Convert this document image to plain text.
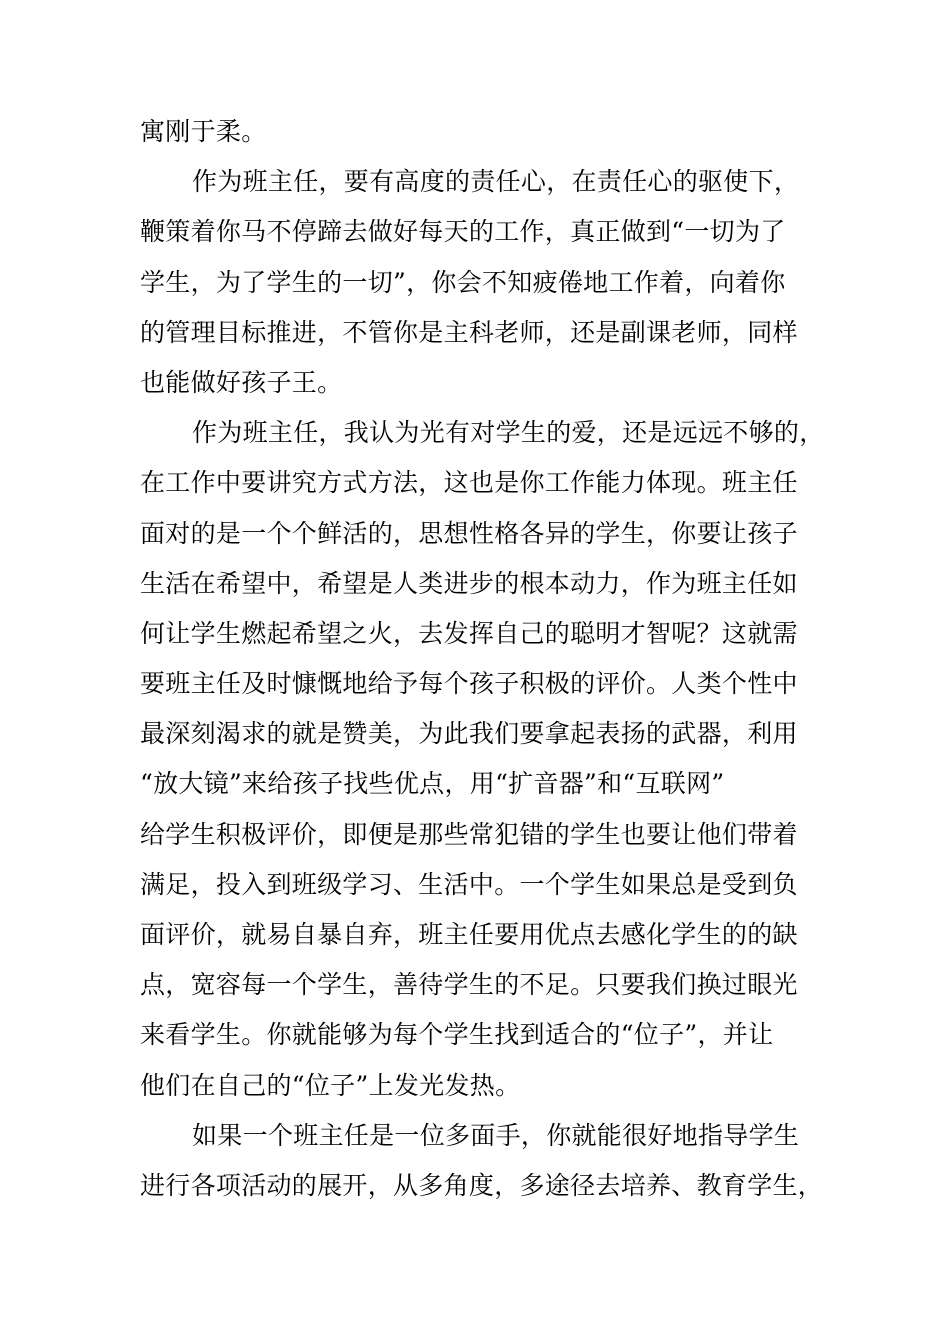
寓刚于柔。
作为班主任，要有高度的责任心，在责任心的驱使下，
鞭策着你马不停蹄去做好每天的工作，真正做到“一切为了
学生，为了学生的一切”，你会不知疲倦地工作着，向着你
的管理目标推进，不管你是主科老师，还是副课老师，同样
也能做好孩子王。
作为班主任，我认为光有对学生的爱，还是远远不够的，
在工作中要讲究方式方法，这也是你工作能力体现。班主任
面对的是一个个鲜活的，思想性格各异的学生，你要让孩子
生活在希望中，希望是人类进步的根本动力，作为班主任如
何让学生燃起希望之火，去发挥自己的聪明才智呢？这就需
要班主任及时慷慨地给予每个孩子积极的评价。人类个性中
最深刻渴求的就是赞美，为此我们要拿起表扬的武器，利用
“放大镜”来给孩子找些优点，用“扩音器”和“互联网”
给学生积极评价，即便是那些常犯错的学生也要让他们带着
满足，投入到班级学习、生活中。一个学生如果总是受到负
面评价，就易自暴自弃，班主任要用优点去感化学生的的缺
点，宽容每一个学生，善待学生的不足。只要我们换过眼光
来看学生。你就能够为每个学生找到适合的“位子”，并让
他们在自己的“位子”上发光发热。
如果一个班主任是一位多面手，你就能很好地指导学生
进行各项活动的展开，从多角度，多途径去培养、教育学生，
